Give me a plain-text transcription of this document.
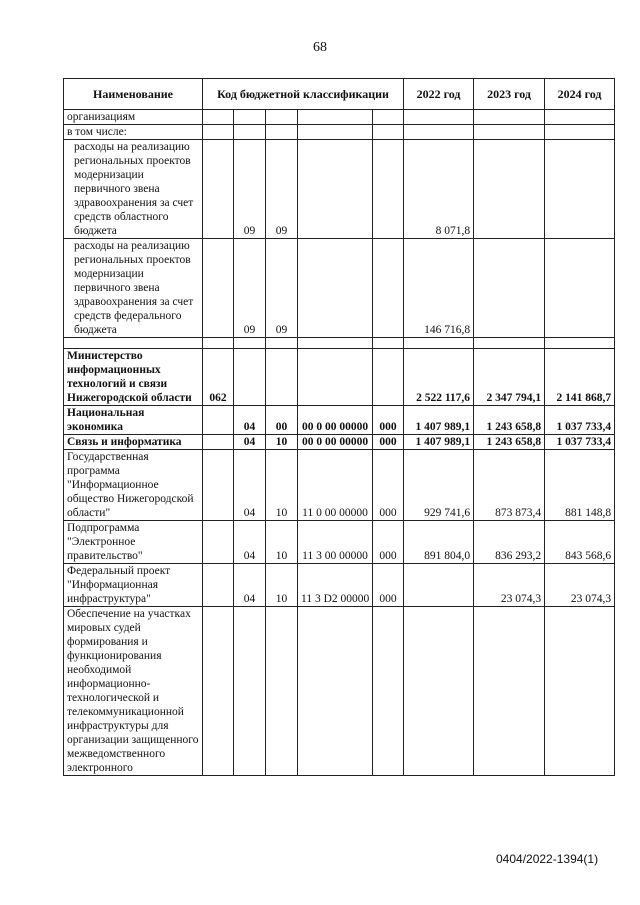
68
Наименование	Код бюджетной классификации					2022 год	2023 год	2024 год
организациям								
в том числе:								
расходы на реализацию региональных проектов модернизации первичного звена здравоохранения за счет средств областного бюджета		09	09			8 071,8		
расходы на реализацию региональных проектов модернизации первичного звена здравоохранения за счет средств федерального бюджета		09	09			146 716,8		

Министерство информационных технологий и связи Нижегородской области	062					2 522 117,6	2 347 794,1	2 141 868,7
Национальная экономика		04	00	00 0 00 00000	000	1 407 989,1	1 243 658,8	1 037 733,4
Связь и информатика		04	10	00 0 00 00000	000	1 407 989,1	1 243 658,8	1 037 733,4
Государственная программа "Информационное общество Нижегородской области"		04	10	11 0 00 00000	000	929 741,6	873 873,4	881 148,8
Подпрограмма "Электронное правительство"		04	10	11 3 00 00000	000	891 804,0	836 293,2	843 568,6
Федеральный проект "Информационная инфраструктура"		04	10	11 3 D2 00000	000		23 074,3	23 074,3
Обеспечение на участках мировых судей формирования и функционирования необходимой информационно-технологической и телекоммуникационной инфраструктуры для организации защищенного межведомственного электронного								
0404/2022-1394(1)
